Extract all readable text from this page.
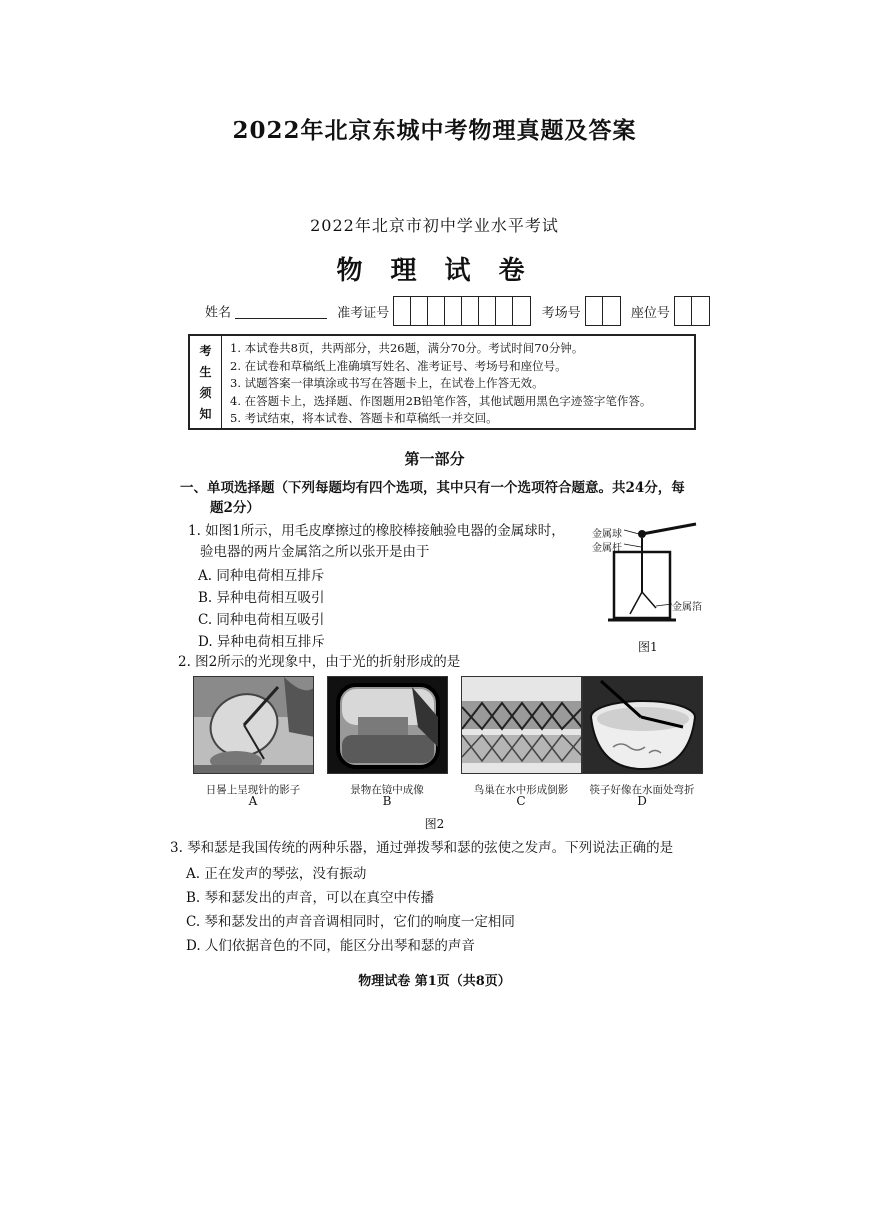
2022年北京东城中考物理真题及答案
2022年北京市初中学业水平考试
物理试卷
姓名	准考证号	考场号	座位号
考
生
须
知
1. 本试卷共8页，共两部分，共26题，满分70分。考试时间70分钟。
2. 在试卷和草稿纸上准确填写姓名、准考证号、考场号和座位号。
3. 试题答案一律填涂或书写在答题卡上，在试卷上作答无效。
4. 在答题卡上，选择题、作图题用2B铅笔作答，其他试题用黑色字迹签字笔作答。
5. 考试结束，将本试卷、答题卡和草稿纸一并交回。
第一部分
一、单项选择题（下列每题均有四个选项，其中只有一个选项符合题意。共24分，每
题2分）
1. 如图1所示，用毛皮摩擦过的橡胶棒接触验电器的金属球时，
验电器的两片金属箔之所以张开是由于
A. 同种电荷相互排斥
B. 异种电荷相互吸引
C. 同种电荷相互吸引
D. 异种电荷相互排斥
金属球
金属杆
金属箔
图1
2. 图2所示的光现象中，由于光的折射形成的是
日晷上呈现针的影子	景物在镜中成像	鸟巢在水中形成倒影	筷子好像在水面处弯折
A	B	C	D
图2
3. 琴和瑟是我国传统的两种乐器，通过弹拨琴和瑟的弦使之发声。下列说法正确的是
A. 正在发声的琴弦，没有振动
B. 琴和瑟发出的声音，可以在真空中传播
C. 琴和瑟发出的声音音调相同时，它们的响度一定相同
D. 人们依据音色的不同，能区分出琴和瑟的声音
物理试卷 第1页（共8页）
